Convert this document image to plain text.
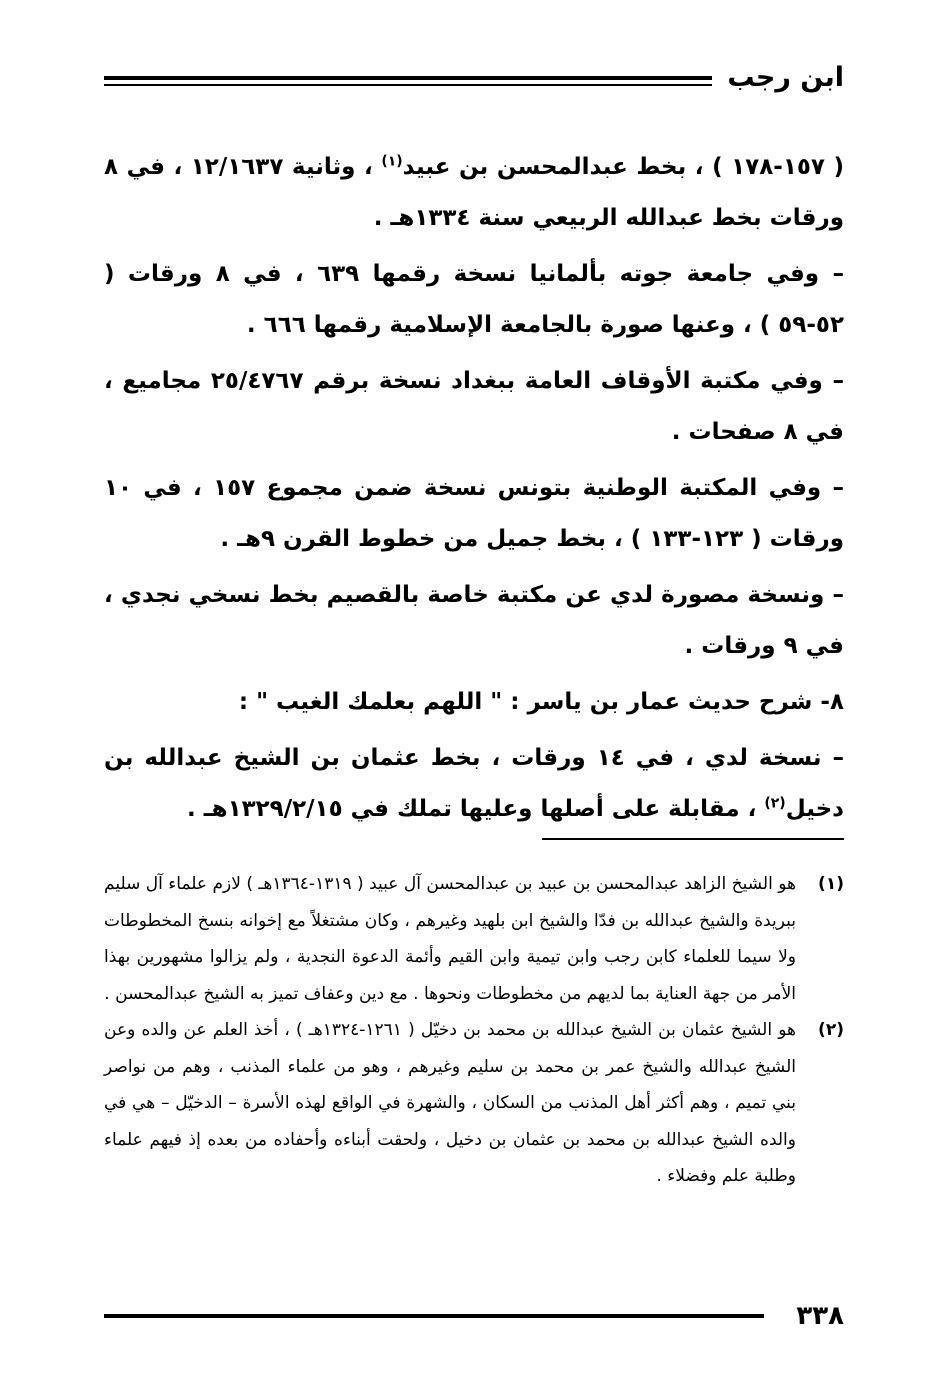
ابن رجب

( ١٥٧-١٧٨ ) ، بخط عبدالمحسن بن عبيد$^{(١)}$ ، وثانية ١٢/١٦٣٧ ، في ٨ ورقات بخط عبدالله الربيعي سنة ١٣٣٤هـ .

– وفي جامعة جوته بألمانيا نسخة رقمها ٦٣٩ ، في ٨ ورقات ( ٥٢-٥٩ ) ، وعنها صورة بالجامعة الإسلامية رقمها ٦٦٦ .

– وفي مكتبة الأوقاف العامة ببغداد نسخة برقم ٢٥/٤٧٦٧ مجاميع ، في ٨ صفحات .

– وفي المكتبة الوطنية بتونس نسخة ضمن مجموع ١٥٧ ، في ١٠ ورقات ( ١٢٣-١٣٣ ) ، بخط جميل من خطوط القرن ٩هـ .

– ونسخة مصورة لدي عن مكتبة خاصة بالقصيم بخط نسخي نجدي ، في ٩ ورقات .

٨- شرح حديث عمار بن ياسر : " اللهم بعلمك الغيب " :

– نسخة لدي ، في ١٤ ورقات ، بخط عثمان بن الشيخ عبدالله بن دخيل$^{(٢)}$ ، مقابلة على أصلها وعليها تملك في ١٣٢٩/٢/١٥هـ .

(١)
هو الشيخ الزاهد عبدالمحسن بن عبيد بن عبدالمحسن آل عبيد ( ١٣١٩-١٣٦٤هـ ) لازم علماء آل سليم ببريدة والشيخ عبدالله بن فدّا والشيخ ابن بلهيد وغيرهم ، وكان مشتغلاً مع إخوانه بنسخ المخطوطات ولا سيما للعلماء كابن رجب وابن تيمية وابن القيم وأئمة الدعوة النجدية ، ولم يزالوا مشهورين بهذا الأمر من جهة العناية بما لديهم من مخطوطات ونحوها . مع دين وعفاف تميز به الشيخ عبدالمحسن .
(٢)
هو الشيخ عثمان بن الشيخ عبدالله بن محمد بن دخيّل ( ١٢٦١-١٣٢٤هـ ) ، أخذ العلم عن والده وعن الشيخ عبدالله والشيخ عمر بن محمد بن سليم وغيرهم ، وهو من علماء المذنب ، وهم من نواصر بني تميم ، وهم أكثر أهل المذنب من السكان ، والشهرة في الواقع لهذه الأسرة – الدخيّل – هي في والده الشيخ عبدالله بن محمد بن عثمان بن دخيل ، ولحقت أبناءه وأحفاده من بعده إذ فيهم علماء وطلبة علم وفضلاء .
٣٣٨
